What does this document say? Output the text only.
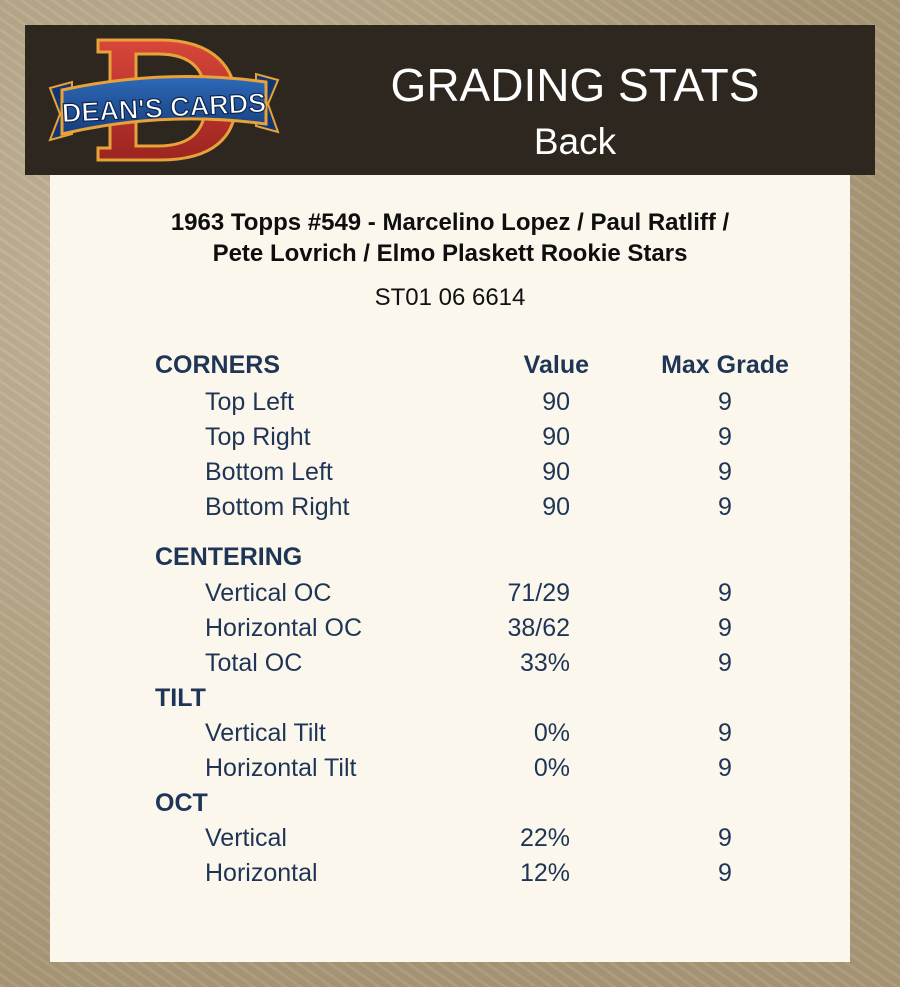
DEAN'S CARDS	GRADING STATS
Back
1963 Topps #549 - Marcelino Lopez / Paul Ratliff /
Pete Lovrich / Elmo Plaskett Rookie Stars
ST01 06 6614
CORNERS	Value	Max Grade
Top Left	90	9
Top Right	90	9
Bottom Left	90	9
Bottom Right	90	9
CENTERING
Vertical OC	71/29	9
Horizontal OC	38/62	9
Total OC	33%	9
TILT
Vertical Tilt	0%	9
Horizontal Tilt	0%	9
OCT
Vertical	22%	9
Horizontal	12%	9
